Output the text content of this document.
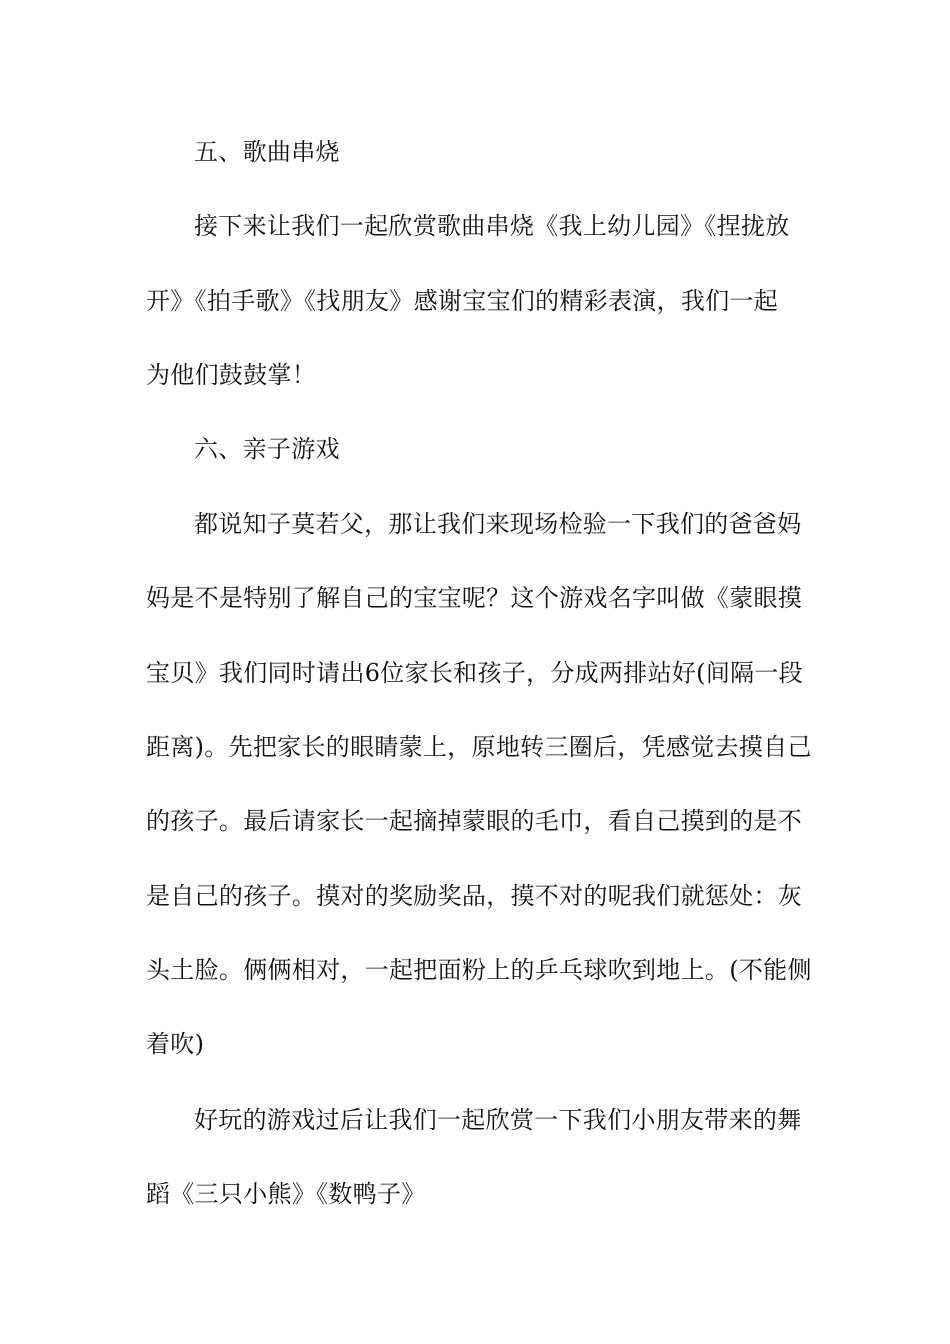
五、歌曲串烧
接下来让我们一起欣赏歌曲串烧《我上幼儿园》《捏拢放
开》《拍手歌》《找朋友》感谢宝宝们的精彩表演，我们一起
为他们鼓鼓掌！
六、亲子游戏
都说知子莫若父，那让我们来现场检验一下我们的爸爸妈
妈是不是特别了解自己的宝宝呢？这个游戏名字叫做《蒙眼摸
宝贝》我们同时请出6位家长和孩子，分成两排站好(间隔一段
距离)。先把家长的眼睛蒙上，原地转三圈后，凭感觉去摸自己
的孩子。最后请家长一起摘掉蒙眼的毛巾，看自己摸到的是不
是自己的孩子。摸对的奖励奖品，摸不对的呢我们就惩处：灰
头土脸。俩俩相对，一起把面粉上的乒乓球吹到地上。(不能侧
着吹)
好玩的游戏过后让我们一起欣赏一下我们小朋友带来的舞
蹈《三只小熊》《数鸭子》
